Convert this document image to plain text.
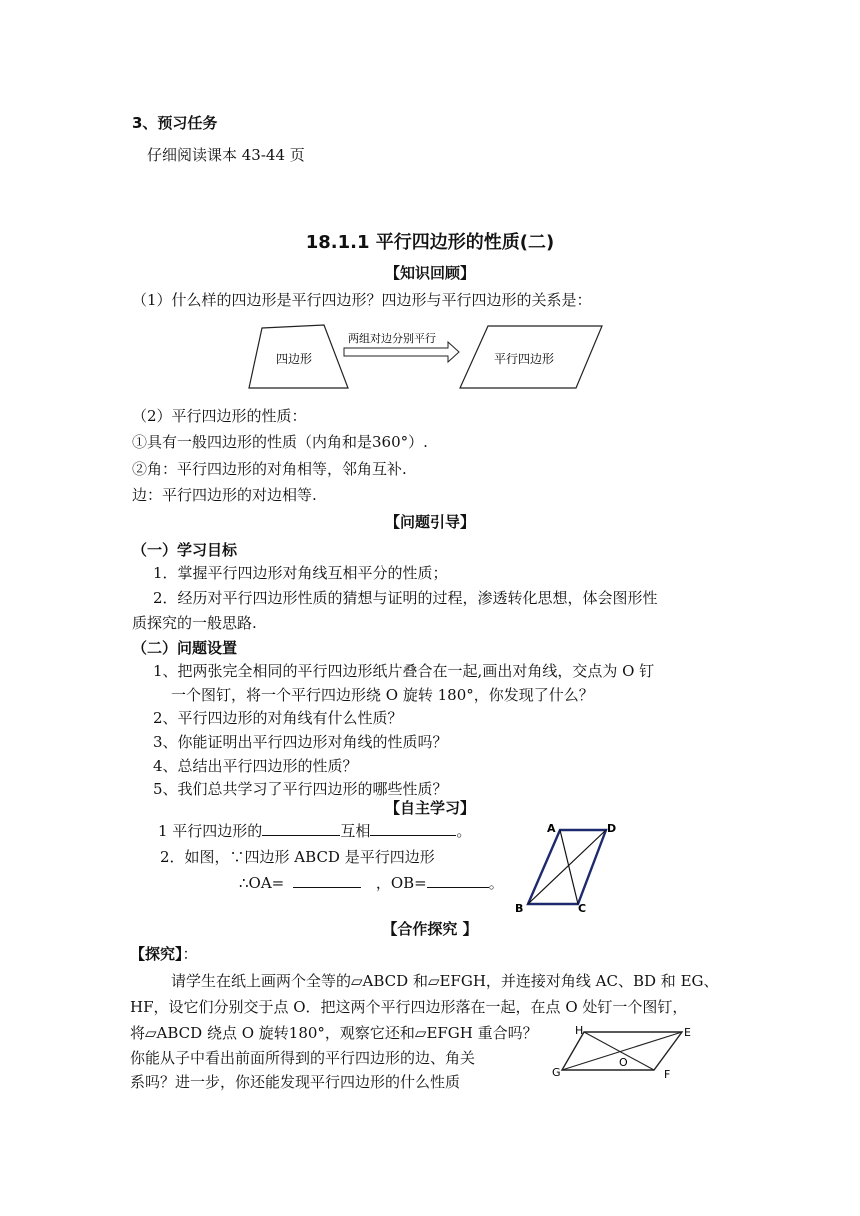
3、预习任务
仔细阅读课本 43-44 页
18.1.1 平行四边形的性质(二)
【知识回顾】
（1）什么样的四边形是平行四边形？四边形与平行四边形的关系是：
四边形
两组对边分别平行
平行四边形
（2）平行四边形的性质：
①具有一般四边形的性质（内角和是360°）.
②角：平行四边形的对角相等，邻角互补.
边：平行四边形的对边相等.
【问题引导】
（一）学习目标
1．掌握平行四边形对角线互相平分的性质；
2．经历对平行四边形性质的猜想与证明的过程，渗透转化思想，体会图形性
质探究的一般思路.
（二）问题设置
1、把两张完全相同的平行四边形纸片叠合在一起,画出对角线，交点为 O 钉
一个图钉，将一个平行四边形绕 O 旋转 180°，你发现了什么？
2、平行四边形的对角线有什么性质？
3、你能证明出平行四边形对角线的性质吗？
4、总结出平行四边形的性质？
5、我们总共学习了平行四边形的哪些性质？
【自主学习】
1 平行四边形的	互相	。
2．如图，∵四边形 ABCD 是平行四边形
∴OA=	，OB=	。
A	D
B	C
【合作探究 】
【探究】：
请学生在纸上画两个全等的▱ABCD 和▱EFGH，并连接对角线 AC、BD 和 EG、
HF，设它们分别交于点 O．把这两个平行四边形落在一起，在点 O 处钉一个图钉，
将▱ABCD 绕点 O 旋转180°，观察它还和▱EFGH 重合吗？
你能从子中看出前面所得到的平行四边形的边、角关
系吗？进一步，你还能发现平行四边形的什么性质
H	E
G	F
O
